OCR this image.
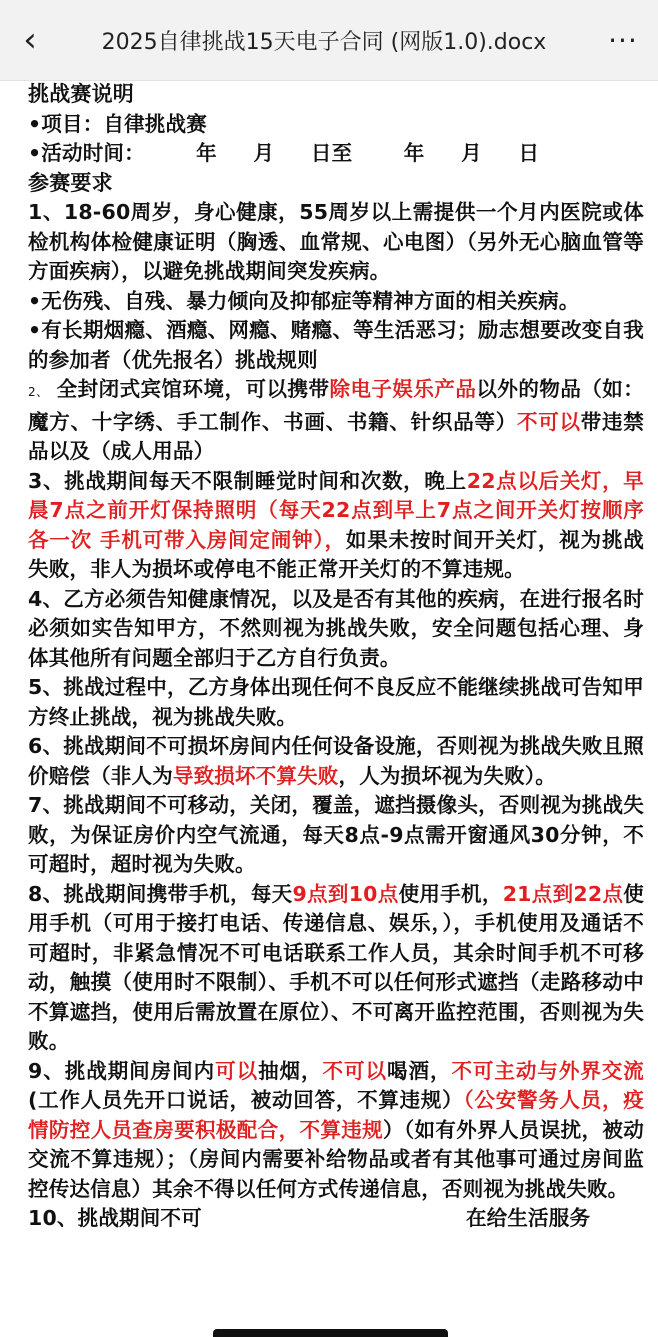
‹	2025自律挑战15天电子合同 (网版1.0).docx	···

挑战赛说明

•项目：自律挑战赛

•活动时间：       年     月     日至       年     月     日

参赛要求

1、18-60周岁，身心健康，55周岁以上需提供一个月内医院或体检机构体检健康证明（胸透、血常规、心电图）（另外无心脑血管等方面疾病），以避免挑战期间突发疾病。

•无伤残、自残、暴力倾向及抑郁症等精神方面的相关疾病。

•有长期烟瘾、酒瘾、网瘾、赌瘾、等生活恶习；励志想要改变自我的参加者（优先报名）挑战规则

2、 全封闭式宾馆环境，可以携带除电子娱乐产品以外的物品（如：魔方、十字绣、手工制作、书画、书籍、针织品等）不可以带违禁品以及（成人用品）

3、挑战期间每天不限制睡觉时间和次数，晚上22点以后关灯，早晨7点之前开灯保持照明（每天22点到早上7点之间开关灯按顺序各一次 手机可带入房间定闹钟），如果未按时间开关灯，视为挑战失败，非人为损坏或停电不能正常开关灯的不算违规。

4、乙方必须告知健康情况，以及是否有其他的疾病，在进行报名时必须如实告知甲方，不然则视为挑战失败，安全问题包括心理、身体其他所有问题全部归于乙方自行负责。

5、挑战过程中，乙方身体出现任何不良反应不能继续挑战可告知甲方终止挑战，视为挑战失败。

6、挑战期间不可损坏房间内任何设备设施，否则视为挑战失败且照价赔偿（非人为导致损坏不算失败，人为损坏视为失败）。

7、挑战期间不可移动，关闭，覆盖，遮挡摄像头，否则视为挑战失败，为保证房价内空气流通，每天8点-9点需开窗通风30分钟，不可超时，超时视为失败。

8、挑战期间携带手机，每天9点到10点使用手机，21点到22点使用手机（可用于接打电话、传递信息、娱乐，），手机使用及通话不可超时，非紧急情况不可电话联系工作人员，其余时间手机不可移动，触摸（使用时不限制）、手机不可以任何形式遮挡（走路移动中不算遮挡，使用后需放置在原位）、不可离开监控范围，否则视为失败。

9、挑战期间房间内可以抽烟，不可以喝酒，不可主动与外界交流(工作人员先开口说话，被动回答，不算违规）（公安警务人员，疫情防控人员查房要积极配合，不算违规）（如有外界人员误扰，被动交流不算违规）；（房间内需要补给物品或者有其他事可通过房间监控传达信息）其余不得以任何方式传递信息，否则视为挑战失败。

10、挑战期间不可                                    在给生活服务
